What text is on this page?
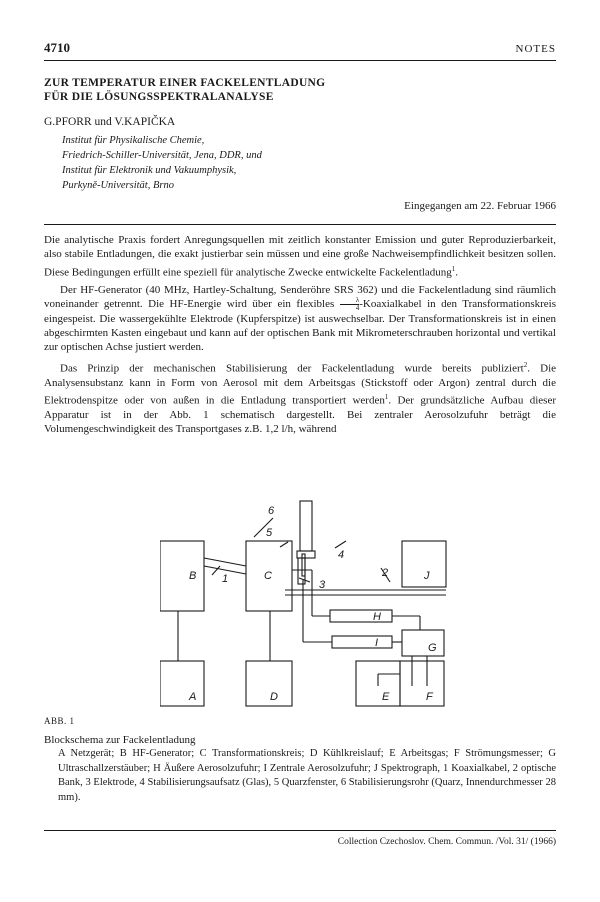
4710	NOTES
ZUR TEMPERATUR EINER FACKELENTLADUNG
FÜR DIE LÖSUNGSSPEKTRALANALYSE
G.PFORR und V.KAPIČKA
Institut für Physikalische Chemie,
Friedrich-Schiller-Universität, Jena, DDR, und
Institut für Elektronik und Vakuumphysik,
Purkyně-Universität, Brno
Eingegangen am 22. Februar 1966

Die analytische Praxis fordert Anregungsquellen mit zeitlich konstanter Emission und guter Reproduzierbarkeit, also stabile Entladungen, die exakt justierbar sein müssen und eine große Nachweisempfindlichkeit besitzen sollen. Diese Bedingungen erfüllt eine speziell für analytische Zwecke entwickelte Fackelentladung$^1$.

Der HF-Generator (40 MHz, Hartley-Schaltung, Senderöhre SRS 362) und die Fackelentladung sind räumlich voneinander getrennt. Die HF-Energie wird über ein flexibles $\frac{\lambda}{4}$ -Koaxialkabel in den Transformationskreis eingespeist. Die wassergekühlte Elektrode (Kupferspitze) ist auswechselbar. Der Transformationskreis ist in einen abgeschirmten Kasten eingebaut und kann auf der optischen Bank mit Mikrometerschrauben horizontal und vertikal zur optischen Achse justiert werden.

Das Prinzip der mechanischen Stabilisierung der Fackelentladung wurde bereits publiziert$^2$. Die Analysensubstanz kann in Form von Aerosol mit dem Arbeitsgas (Stickstoff oder Argon) zentral durch die Elektrodenspitze oder von außen in die Entladung transportiert werden$^1$. Der grundsätzliche Aufbau dieser Apparatur ist in der Abb. 1 schematisch dargestellt. Bei zentraler Aerosolzufuhr beträgt die Volumengeschwindigkeit des Transportgases z.B. 1,2 l/h, während

B	C
A	D	E	F
G
H
I
J
1	2
3
4
5
6
ABB. 1
Blockschema zur Fackelentladung
A Netzgerät; B HF-Generator; C Transformationskreis; D Kühlkreislauf; E Arbeitsgas; F Strömungsmesser; G Ultraschallzerstäuber; H Äußere Aerosolzufuhr; I Zentrale Aerosolzufuhr; J Spektrograph, 1 Koaxialkabel, 2 optische Bank, 3 Elektrode, 4 Stabilisierungsaufsatz (Glas), 5 Quarzfenster, 6 Stabilisierungsrohr (Quarz, Innendurchmesser 28 mm).
Collection Czechoslov. Chem. Commun. /Vol. 31/ (1966)
